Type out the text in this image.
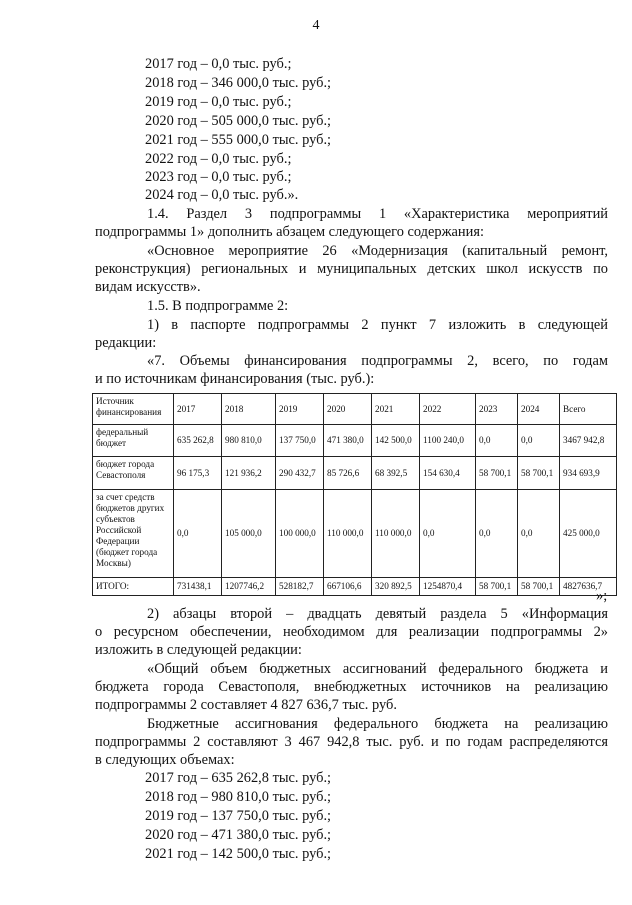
4
2017 год – 0,0 тыс. руб.;
2018 год – 346 000,0 тыс. руб.;
2019 год – 0,0 тыс. руб.;
2020 год – 505 000,0 тыс. руб.;
2021 год – 555 000,0 тыс. руб.;
2022 год – 0,0 тыс. руб.;
2023 год – 0,0 тыс. руб.;
2024 год – 0,0 тыс. руб.».
1.4. Раздел 3 подпрограммы 1 «Характеристика мероприятий
подпрограммы 1» дополнить абзацем следующего содержания:
«Основное мероприятие 26 «Модернизация (капитальный ремонт,
реконструкция) региональных и муниципальных детских школ искусств по
видам искусств».
1.5. В подпрограмме 2:
1) в паспорте подпрограммы 2 пункт 7 изложить в следующей
редакции:
«7. Объемы финансирования подпрограммы 2, всего, по годам
и по источникам финансирования (тыс. руб.):
Источник финансирования	2017	2018	2019	2020	2021	2022	2023	2024	Всего
федеральный бюджет	635 262,8	980 810,0	137 750,0	471 380,0	142 500,0	1100 240,0	0,0	0,0	3467 942,8
бюджет города Севастополя	96 175,3	121 936,2	290 432,7	85 726,6	68 392,5	154 630,4	58 700,1	58 700,1	934 693,9
за счет средств бюджетов других субъектов Российской Федерации (бюджет города Москвы)	0,0	105 000,0	100 000,0	110 000,0	110 000,0	0,0	0,0	0,0	425 000,0
ИТОГО:	731438,1	1207746,2	528182,7	667106,6	320 892,5	1254870,4	58 700,1	58 700,1	4827636,7
»;
2) абзацы второй – двадцать девятый раздела 5 «Информация
о ресурсном обеспечении, необходимом для реализации подпрограммы 2»
изложить в следующей редакции:
«Общий объем бюджетных ассигнований федерального бюджета и
бюджета города Севастополя, внебюджетных источников на реализацию
подпрограммы 2 составляет 4 827 636,7 тыс. руб.
Бюджетные ассигнования федерального бюджета на реализацию
подпрограммы 2 составляют 3 467 942,8 тыс. руб. и по годам распределяются
в следующих объемах:
2017 год – 635 262,8 тыс. руб.;
2018 год – 980 810,0 тыс. руб.;
2019 год – 137 750,0 тыс. руб.;
2020 год – 471 380,0 тыс. руб.;
2021 год – 142 500,0 тыс. руб.;
